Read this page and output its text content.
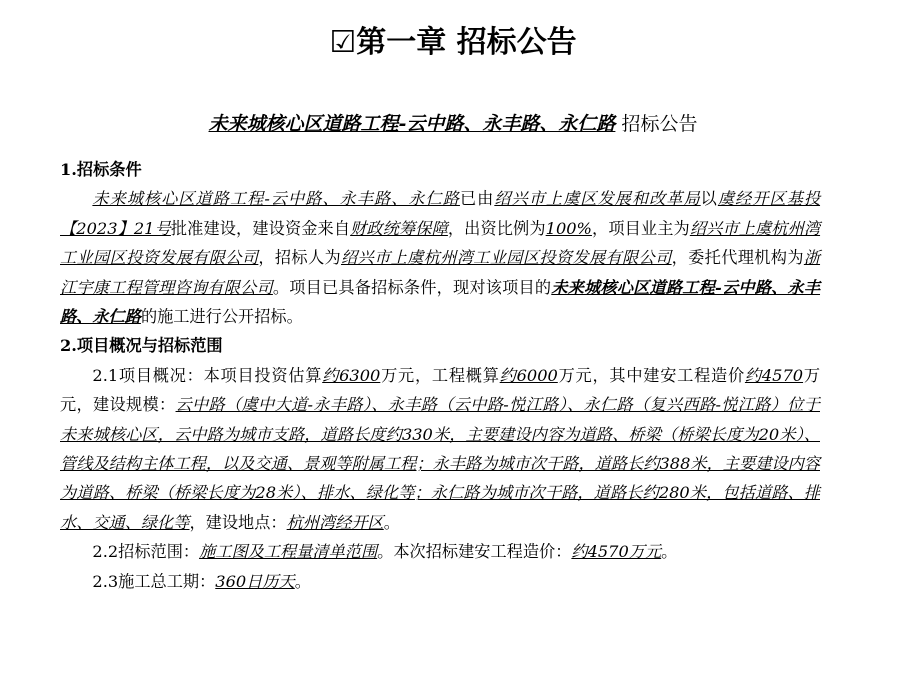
☑第一章 招标公告
未来城核心区道路工程-云中路、永丰路、永仁路 招标公告

1.招标条件

未来城核心区道路工程-云中路、永丰路、永仁路已由绍兴市上虞区发展和改革局以虞经开区基投【2023】21号批准建设，建设资金来自财政统筹保障，出资比例为100%，项目业主为绍兴市上虞杭州湾工业园区投资发展有限公司，招标人为绍兴市上虞杭州湾工业园区投资发展有限公司，委托代理机构为浙江宇康工程管理咨询有限公司。项目已具备招标条件，现对该项目的未来城核心区道路工程-云中路、永丰路、永仁路的施工进行公开招标。

2.项目概况与招标范围

2.1项目概况：本项目投资估算约6300万元，工程概算约6000万元，其中建安工程造价约4570万元，建设规模：云中路（虞中大道-永丰路）、永丰路（云中路-悦江路）、永仁路（复兴西路-悦江路）位于未来城核心区，云中路为城市支路，道路长度约330米，主要建设内容为道路、桥梁（桥梁长度为20米）、管线及结构主体工程，以及交通、景观等附属工程；永丰路为城市次干路，道路长约388米，主要建设内容为道路、桥梁（桥梁长度为28米）、排水、绿化等；永仁路为城市次干路，道路长约280米，包括道路、排水、交通、绿化等，建设地点：杭州湾经开区。

2.2招标范围：施工图及工程量清单范围。本次招标建安工程造价：约4570万元。

2.3施工总工期：360日历天。
